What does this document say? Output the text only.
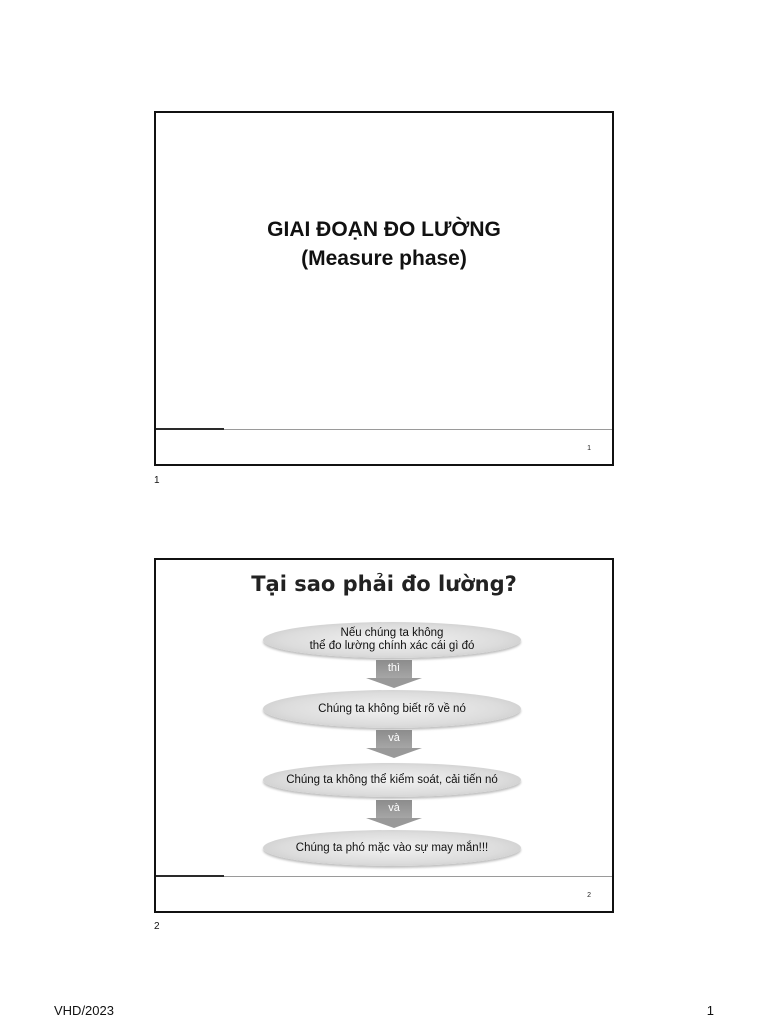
GIAI ĐOẠN ĐO LƯỜNG
(Measure phase)
1
1
Tại sao phải đo lường?
Nếu chúng ta không
thể đo lường chính xác cái gì đó
thì
Chúng ta không biết rõ về nó
và
Chúng ta không thể kiểm soát, cải tiến nó
và
Chúng ta phó mặc vào sự may mắn!!!
2
2
VHD/2023	1
